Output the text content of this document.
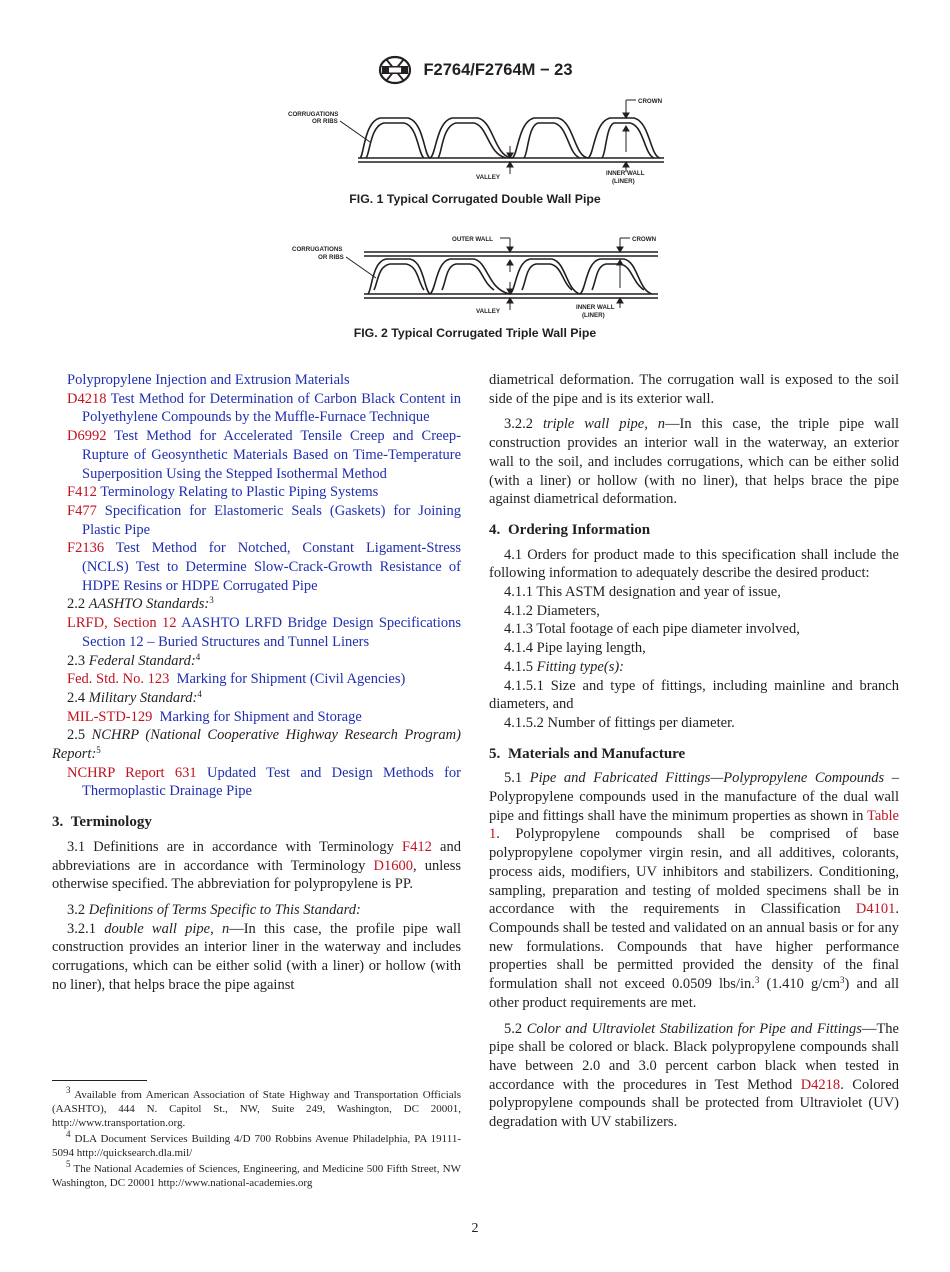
F2764/F2764M − 23
CORRUGATIONS
OR RIBS
CROWN
VALLEY
INNER WALL
(LINER)
FIG. 1 Typical Corrugated Double Wall Pipe
CORRUGATIONS
OR RIBS
OUTER WALL	CROWN
VALLEY
INNER WALL
(LINER)
FIG. 2 Typical Corrugated Triple Wall Pipe
Polypropylene Injection and Extrusion Materials
D4218 Test Method for Determination of Carbon Black Content in Polyethylene Compounds by the Muffle-Furnace Technique
D6992 Test Method for Accelerated Tensile Creep and Creep-Rupture of Geosynthetic Materials Based on Time-Temperature Superposition Using the Stepped Isothermal Method
F412 Terminology Relating to Plastic Piping Systems
F477 Specification for Elastomeric Seals (Gaskets) for Joining Plastic Pipe
F2136 Test Method for Notched, Constant Ligament-Stress (NCLS) Test to Determine Slow-Crack-Growth Resistance of HDPE Resins or HDPE Corrugated Pipe
2.2 AASHTO Standards:$^3$
LRFD, Section 12 AASHTO LRFD Bridge Design Specifications Section 12 – Buried Structures and Tunnel Liners
2.3 Federal Standard:$^4$
Fed. Std. No. 123 Marking for Shipment (Civil Agencies)
2.4 Military Standard:$^4$
MIL-STD-129 Marking for Shipment and Storage
2.5 NCHRP (National Cooperative Highway Research Program) Report:$^5$
NCHRP Report 631 Updated Test and Design Methods for Thermoplastic Drainage Pipe
3. Terminology

3.1 Definitions are in accordance with Terminology F412 and abbreviations are in accordance with Terminology D1600, unless otherwise specified. The abbreviation for polypropylene is PP.

3.2 Definitions of Terms Specific to This Standard:

3.2.1 double wall pipe, n—In this case, the profile pipe wall construction provides an interior liner in the waterway and includes corrugations, which can be either solid (with a liner) or hollow (with no liner), that helps brace the pipe against

diametrical deformation. The corrugation wall is exposed to the soil side of the pipe and is its exterior wall.

3.2.2 triple wall pipe, n—In this case, the triple pipe wall construction provides an interior wall in the waterway, an exterior wall to the soil, and includes corrugations, which can be either solid (with a liner) or hollow (with no liner), that helps brace the pipe against diametrical deformation.

4. Ordering Information

4.1 Orders for product made to this specification shall include the following information to adequately describe the desired product:

4.1.1 This ASTM designation and year of issue,
4.1.2 Diameters,
4.1.3 Total footage of each pipe diameter involved,
4.1.4 Pipe laying length,
4.1.5 Fitting type(s):

4.1.5.1 Size and type of fittings, including mainline and branch diameters, and

4.1.5.2 Number of fittings per diameter.
5. Materials and Manufacture

5.1 Pipe and Fabricated Fittings—Polypropylene Compounds – Polypropylene compounds used in the manufacture of the dual wall pipe and fittings shall have the minimum properties as shown in Table 1. Polypropylene compounds shall be comprised of base polypropylene copolymer virgin resin, and all additives, colorants, process aids, modifiers, UV inhibitors and stabilizers. Conditioning, sampling, preparation and testing of molded specimens shall be in accordance with the requirements in Classification D4101. Compounds shall be tested and validated on an annual basis or for any new formulations. Compounds that have higher performance properties shall be permitted provided the density of the final formulation shall not exceed 0.0509 lbs/in.$^3$ (1.410 $g/cm^3$) and all other product requirements are met.

5.2 Color and Ultraviolet Stabilization for Pipe and Fittings—The pipe shall be colored or black. Black polypropylene compounds shall have between 2.0 and 3.0 percent carbon black when tested in accordance with the procedures in Test Method D4218. Colored polypropylene compounds shall be protected from Ultraviolet (UV) degradation with UV stabilizers.

$^3$ Available from American Association of State Highway and Transportation Officials (AASHTO), 444 N. Capitol St., NW, Suite 249, Washington, DC 20001, http://www.transportation.org.

$^4$ DLA Document Services Building 4/D 700 Robbins Avenue Philadelphia, PA 19111-5094 http://quicksearch.dla.mil/

$^5$ The National Academies of Sciences, Engineering, and Medicine 500 Fifth Street, NW Washington, DC 20001 http://www.national-academies.org

2
